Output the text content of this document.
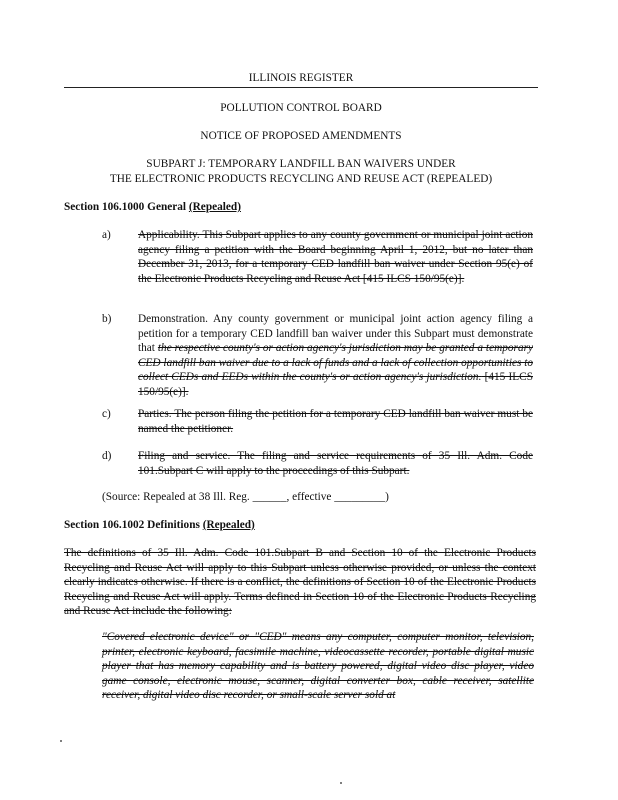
ILLINOIS REGISTER
POLLUTION CONTROL BOARD
NOTICE OF PROPOSED AMENDMENTS
SUBPART J: TEMPORARY LANDFILL BAN WAIVERS UNDER
THE ELECTRONIC PRODUCTS RECYCLING AND REUSE ACT (REPEALED)
Section 106.1000 General (Repealed)
a) Applicability. This Subpart applies to any county government or municipal joint action agency filing a petition with the Board beginning April 1, 2012, but no later than December 31, 2013, for a temporary CED landfill ban waiver under Section 95(e) of the Electronic Products Recycling and Reuse Act [415 ILCS 150/95(e)].
b) Demonstration. Any county government or municipal joint action agency filing a petition for a temporary CED landfill ban waiver under this Subpart must demonstrate that the respective county's or action agency's jurisdiction may be granted a temporary CED landfill ban waiver due to a lack of funds and a lack of collection opportunities to collect CEDs and EEDs within the county's or action agency's jurisdiction. [415 ILCS 150/95(e)].
c) Parties. The person filing the petition for a temporary CED landfill ban waiver must be named the petitioner.
d) Filing and service. The filing and service requirements of 35 Ill. Adm. Code 101.Subpart C will apply to the proceedings of this Subpart.
(Source: Repealed at 38 Ill. Reg. ______, effective _________)
Section 106.1002 Definitions (Repealed)
The definitions of 35 Ill. Adm. Code 101.Subpart B and Section 10 of the Electronic Products Recycling and Reuse Act will apply to this Subpart unless otherwise provided, or unless the context clearly indicates otherwise. If there is a conflict, the definitions of Section 10 of the Electronic Products Recycling and Reuse Act will apply. Terms defined in Section 10 of the Electronic Products Recycling and Reuse Act include the following:
"Covered electronic device" or "CED" means any computer, computer monitor, television, printer, electronic keyboard, facsimile machine, videocassette recorder, portable digital music player that has memory capability and is battery powered, digital video disc player, video game console, electronic mouse, scanner, digital converter box, cable receiver, satellite receiver, digital video disc recorder, or small-scale server sold at
